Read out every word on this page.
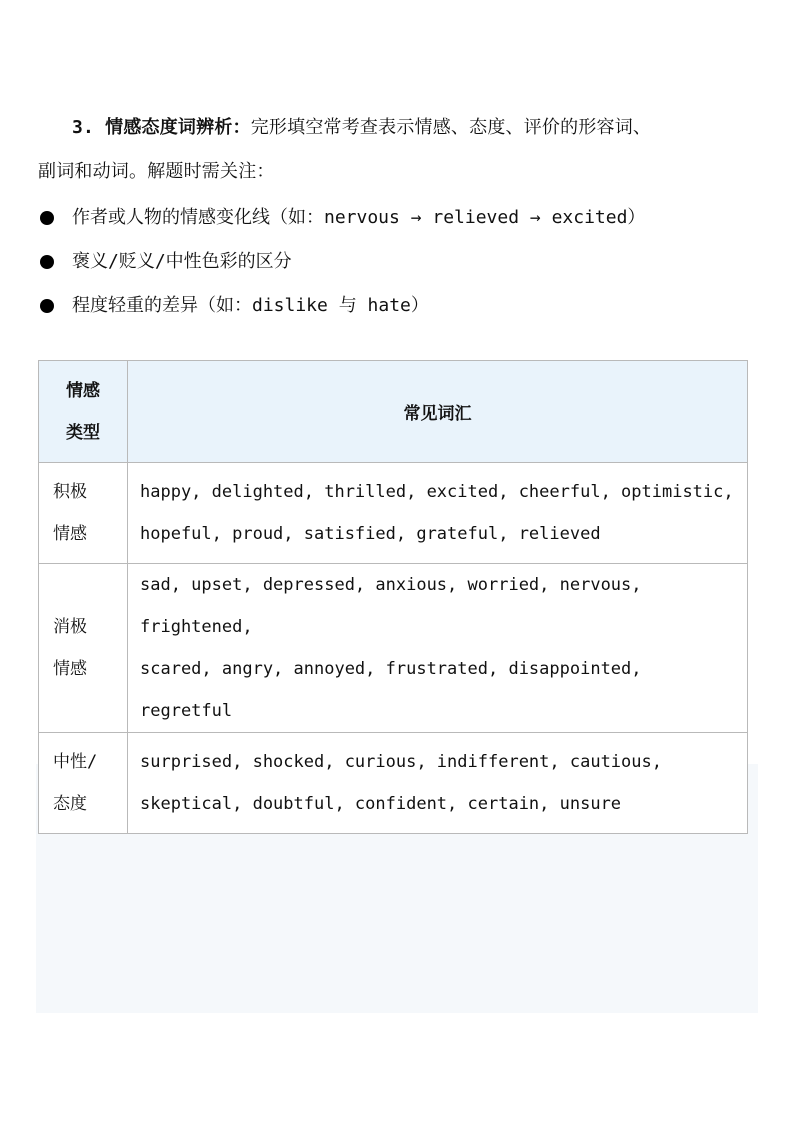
3. 情感态度词辨析：完形填空常考查表示情感、态度、评价的形容词、
副词和动词。解题时需关注：
作者或人物的情感变化线（如：nervous → relieved → excited）
褒义/贬义/中性色彩的区分
程度轻重的差异（如：dislike 与 hate）
情感
类型	常见词汇
积极
情感	happy, delighted, thrilled, excited, cheerful, optimistic,
hopeful, proud, satisfied, grateful, relieved
消极
情感	sad, upset, depressed, anxious, worried, nervous, frightened,
scared, angry, annoyed, frustrated, disappointed, regretful
中性/
态度	surprised, shocked, curious, indifferent, cautious,
skeptical, doubtful, confident, certain, unsure
